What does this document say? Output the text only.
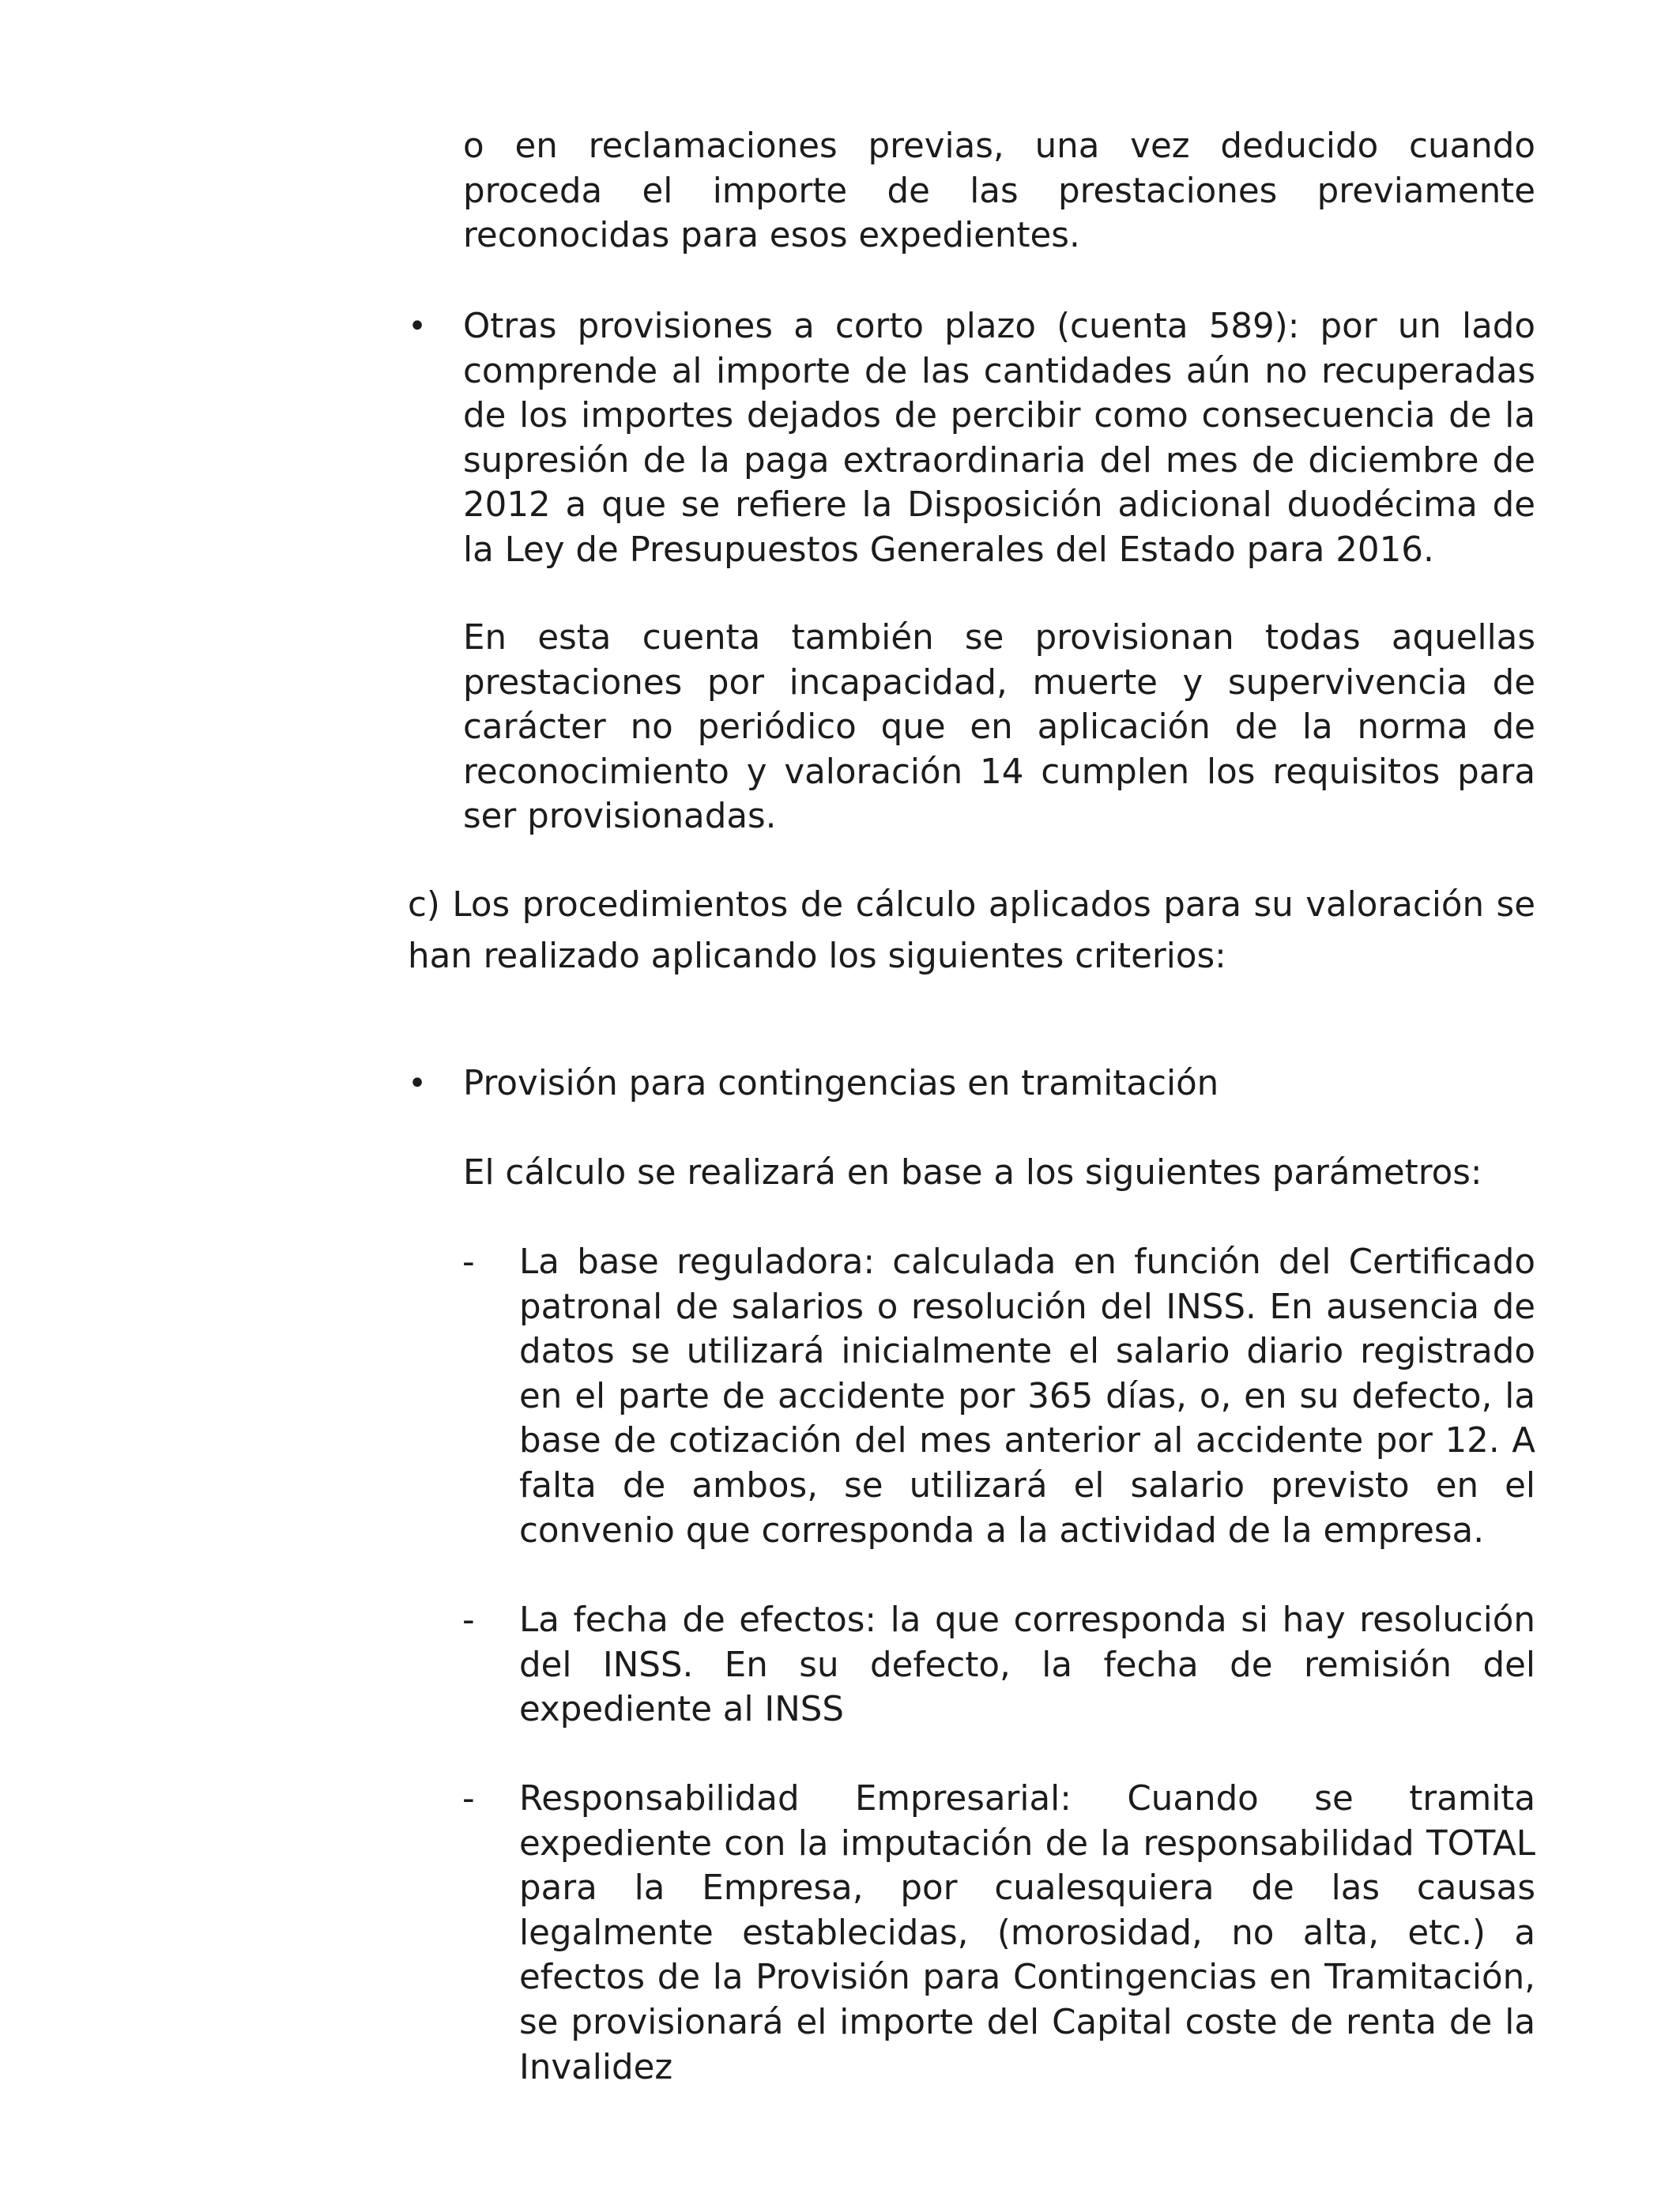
o en reclamaciones previas, una vez deducido cuando proceda el importe de las prestaciones previamente reconocidas para esos expedientes.

• Otras provisiones a corto plazo (cuenta 589): por un lado comprende al importe de las cantidades aún no recuperadas de los importes dejados de percibir como consecuencia de la supresión de la paga extraordinaria del mes de diciembre de 2012 a que se refiere la Disposición adicional duodécima de la Ley de Presupuestos Generales del Estado para 2016.

En esta cuenta también se provisionan todas aquellas prestaciones por incapacidad, muerte y supervivencia de carácter no periódico que en aplicación de la norma de reconocimiento y valoración 14 cumplen los requisitos para ser provisionadas.

c) Los procedimientos de cálculo aplicados para su valoración se han realizado aplicando los siguientes criterios:

• Provisión para contingencias en tramitación

El cálculo se realizará en base a los siguientes parámetros:

- La base reguladora: calculada en función del Certificado patronal de salarios o resolución del INSS. En ausencia de datos se utilizará inicialmente el salario diario registrado en el parte de accidente por 365 días, o, en su defecto, la base de cotización del mes anterior al accidente por 12. A falta de ambos, se utilizará el salario previsto en el convenio que corresponda a la actividad de la empresa.

- La fecha de efectos: la que corresponda si hay resolución del INSS. En su defecto, la fecha de remisión del expediente al INSS

- Responsabilidad Empresarial: Cuando se tramita expediente con la imputación de la responsabilidad TOTAL para la Empresa, por cualesquiera de las causas legalmente establecidas, (morosidad, no alta, etc.) a efectos de la Provisión para Contingencias en Tramitación, se provisionará el importe del Capital coste de renta de la Invalidez
